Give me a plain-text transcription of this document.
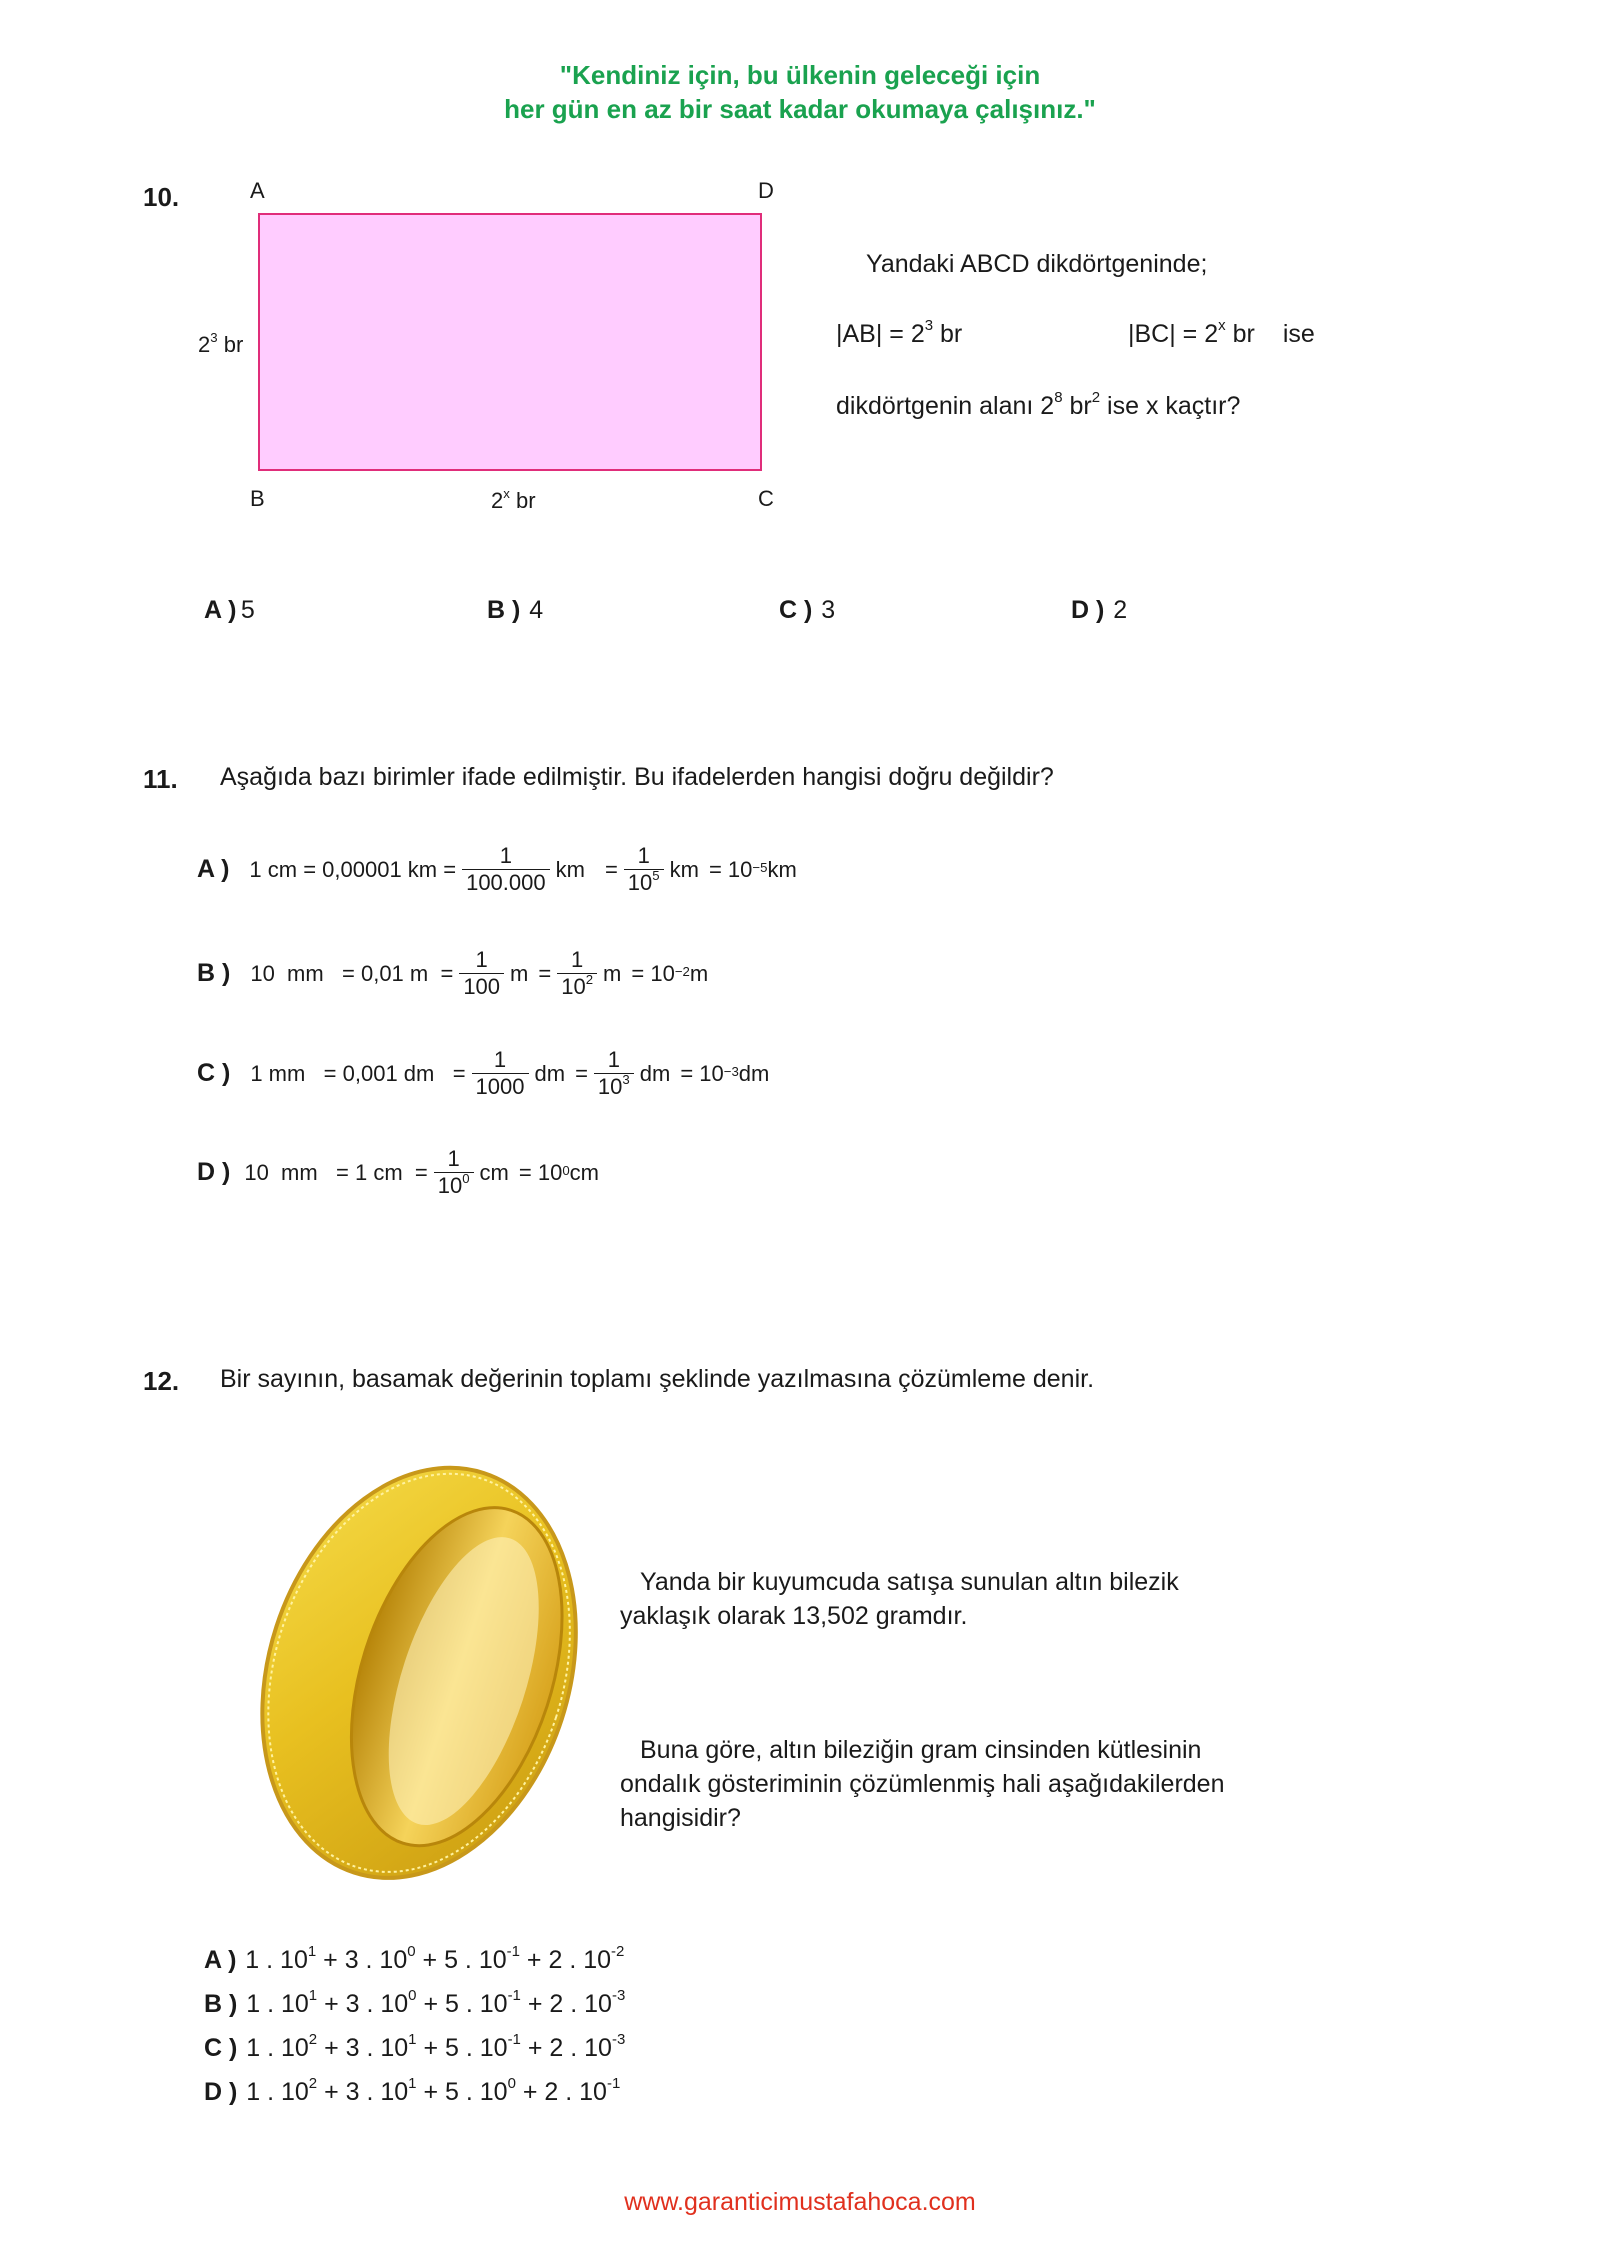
"Kendiniz için, bu ülkenin geleceği için
her gün en az bir saat kadar okumaya çalışınız."
10.	A	D
B	C
$2^3$ br
2$^x$ br
Yandaki ABCD dikdörtgeninde;
$|AB| = 2^3$ br	$|BC| = 2^x$ br ise
dikdörtgenin alanı $2^8$ $br^2$ ise x kaçtır?
A ) 5	B ) 4	C ) 3	D ) 2
11. Aşağıda bazı birimler ifade edilmiştir. Bu ifadelerden hangisi doğru değildir?
A ) 1 cm = 0,00001 km = $\frac{1}{100.000}$ km = $\frac{1}{10^5}$ km = $10^{-5}$ km
B ) 10  mm   = 0,01 $m = \frac{1}{100}$ $m = \frac{1}{10^2}$ $m = 10^{-2}$ m
C ) 1 mm   = 0,001 dm   = $\frac{1}{1000}$ dm = $\frac{1}{10^3}$ dm = $10^{-3}$ dm
D ) 10  mm   = 1 cm  = $\frac{1}{10^0}$ cm = $10^0$ cm
12. Bir sayının, basamak değerinin toplamı şeklinde yazılmasına çözümleme denir.
Yanda bir kuyumcuda satışa sunulan altın bilezik
yaklaşık olarak 13,502 gramdır.
Buna göre, altın bileziğin gram cinsinden kütlesinin
ondalık gösteriminin çözümlenmiş hali aşağıdakilerden
hangisidir?
A ) 1 . $10^1 + 3$ . $10^0 + 5$ . $10^{-1} + 2$ . $10^{-2}$
B ) 1 . $10^1 + 3$ . $10^0 + 5$ . $10^{-1} + 2$ . $10^{-3}$
C ) 1 . $10^2 + 3$ . $10^1 + 5$ . $10^{-1} + 2$ . $10^{-3}$
D ) 1 . $10^2 + 3$ . $10^1 + 5$ . $10^0 + 2$ . $10^{-1}$
www.garanticimustafahoca.com
